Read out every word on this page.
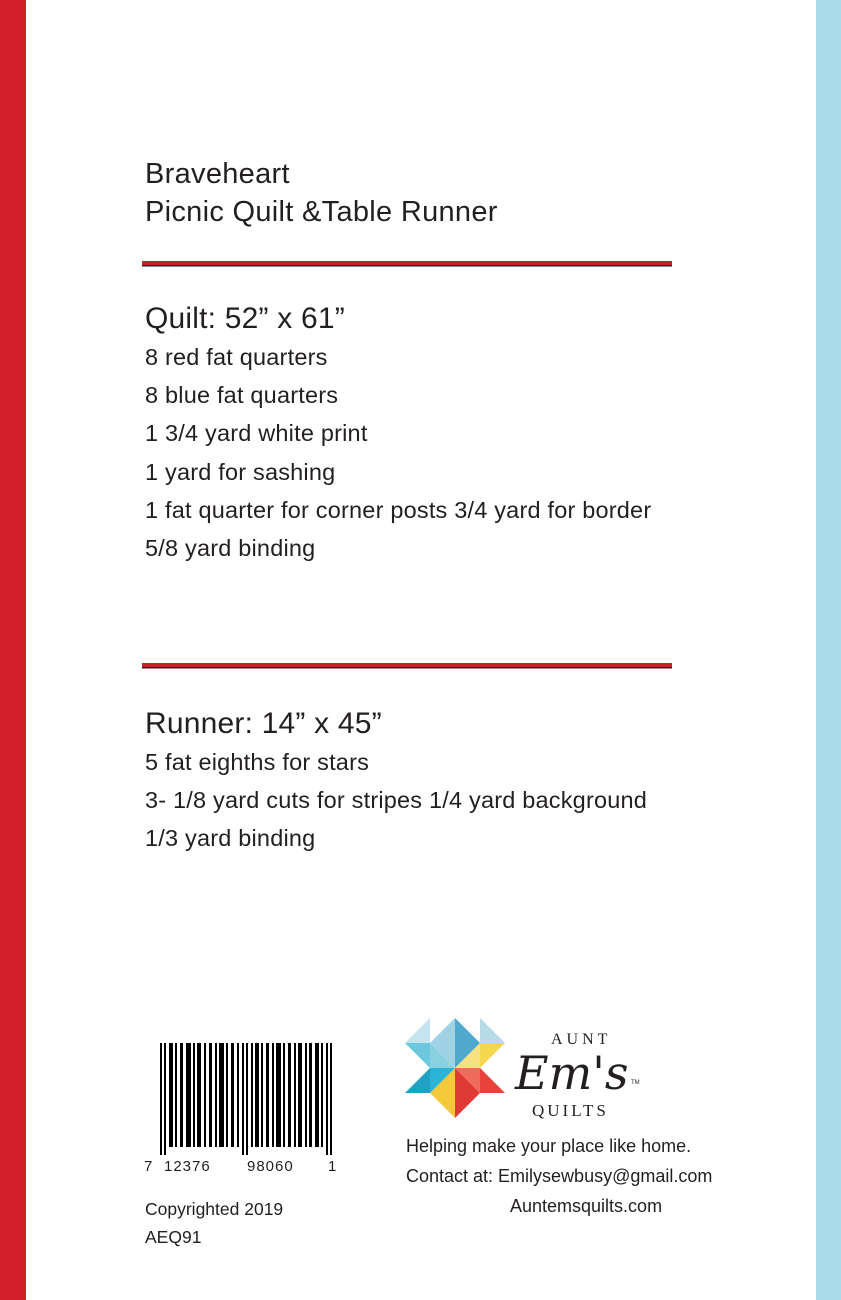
Braveheart
Picnic Quilt &Table Runner
Quilt: 52” x 61”
8 red fat quarters
8 blue fat quarters
1 3/4 yard white print
1 yard for sashing
1 fat quarter for corner posts 3/4 yard for border
5/8 yard binding
Runner: 14” x 45”
5 fat eighths for stars
3- 1/8 yard cuts for stripes 1/4 yard background
1/3 yard binding
7 12376 98060 1
Copyrighted 2019
AEQ91
AUNT
Em's TM
QUILTS
Helping make your place like home.
Contact at: Emilysewbusy@gmail.com
Auntemsquilts.com
